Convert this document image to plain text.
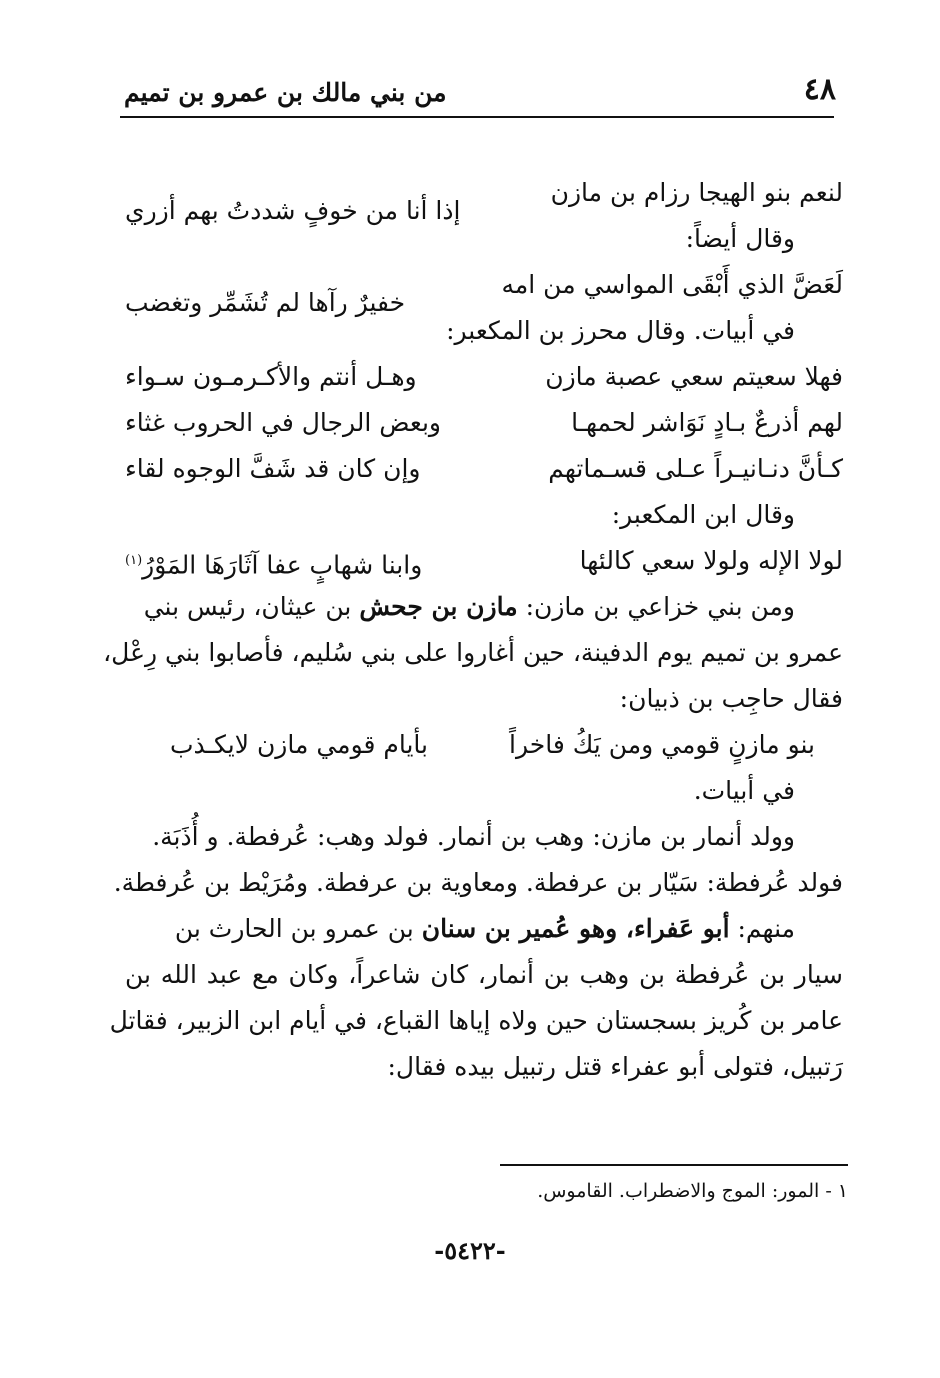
٤٨
من بني مالك بن عمرو بن تميم
لنعم بنو الهيجا رزام بن مازن
إذا أنا من خوفٍ شددتُ بهم أزري
وقال أيضاً:
لَعَضَّ الذي أَبْقَى المواسي من امه
خفيرٌ رآها لم تُشَمِّر وتغضب
في أبيات. وقال محرز بن المكعبر:
فهلا سعيتم سعي عصبة مازن
وهـل أنتم والأكـرمـون سـواء
لهم أذرعٌ بـادٍ نَوَاشر لحمهـا
وبعض الرجال في الحروب غثاء
كـأنَّ دنـانيـراً عـلى قسـماتهم
وإن كان قد شَفَّ الوجوه لقاء
وقال ابن المكعبر:
لولا الإله ولولا سعي كالئها
وابنا شهابٍ عفا آثَارَهَا المَوْرُ$^{(١)}$
ومن بني خزاعي بن مازن: مازن بن جحش بن عيثان، رئيس بني
عمرو بن تميم يوم الدفينة، حين أغاروا على بني سُليم، فأصابوا بني رِعْل،
فقال حاجِب بن ذبيان:
بنو مازنٍ قومي ومن يَكُ فاخراً
بأيام قومي مازن لايكـذب
في أبيات.
وولد أنمار بن مازن: وهب بن أنمار. فولد وهب: عُرفطة. و أُذَبَة.
فولد عُرفطة: سَيّار بن عرفطة. ومعاوية بن عرفطة. ومُرَيْط بن عُرفطة.
منهم: أبو عَفراء، وهو عُمير بن سنان بن عمرو بن الحارث بن
سيار بن عُرفطة بن وهب بن أنمار، كان شاعراً، وكان مع عبد الله بن
عامر بن كُريز بسجستان حين ولاه إياها القباع، في أيام ابن الزبير، فقاتل
رَتبيل، فتولى أبو عفراء قتل رتبيل بيده فقال:
١ - المور: الموج والاضطراب. القاموس.
-٥٤٢٢-
